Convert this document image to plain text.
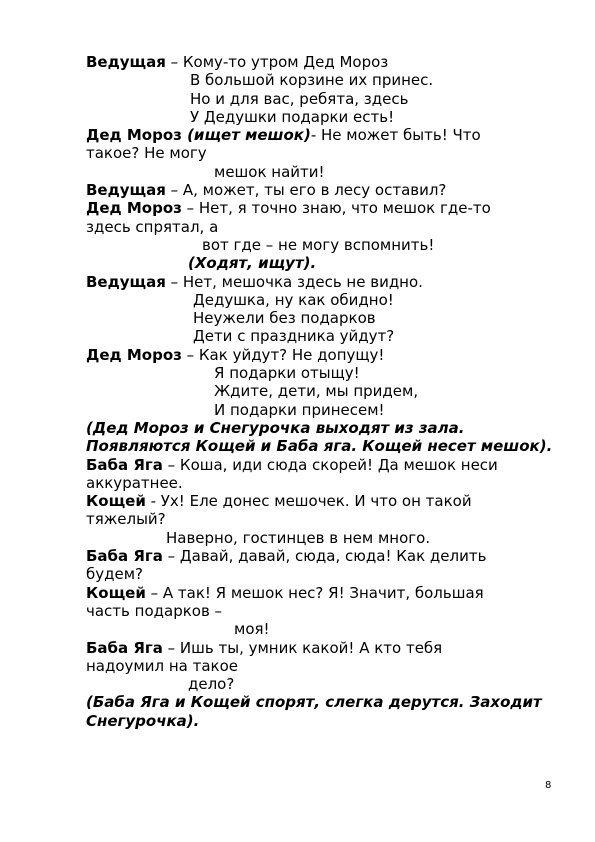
Ведущая – Кому-то утром Дед Мороз
В большой корзине их принес.
Но и для вас, ребята, здесь
У Дедушки подарки есть!
Дед Мороз (ищет мешок)- Не может быть! Что
такое? Не могу
мешок найти!
Ведущая – А, может, ты его в лесу оставил?
Дед Мороз – Нет, я точно знаю, что мешок где-то
здесь спрятал, а
вот где – не могу вспомнить!
(Ходят, ищут).
Ведущая – Нет, мешочка здесь не видно.
Дедушка, ну как обидно!
Неужели без подарков
Дети с праздника уйдут?
Дед Мороз – Как уйдут? Не допущу!
Я подарки отыщу!
Ждите, дети, мы придем,
И подарки принесем!
(Дед Мороз и Снегурочка выходят из зала.
Появляются Кощей и Баба яга. Кощей несет мешок).
Баба Яга – Коша, иди сюда скорей! Да мешок неси
аккуратнее.
Кощей - Ух! Еле донес мешочек. И что он такой
тяжелый?
Наверно, гостинцев в нем много.
Баба Яга – Давай, давай, сюда, сюда! Как делить
будем?
Кощей – А так! Я мешок нес? Я! Значит, большая
часть подарков –
моя!
Баба Яга – Ишь ты, умник какой! А кто тебя
надоумил на такое
дело?
(Баба Яга и Кощей спорят, слегка дерутся. Заходит
Снегурочка).
8
